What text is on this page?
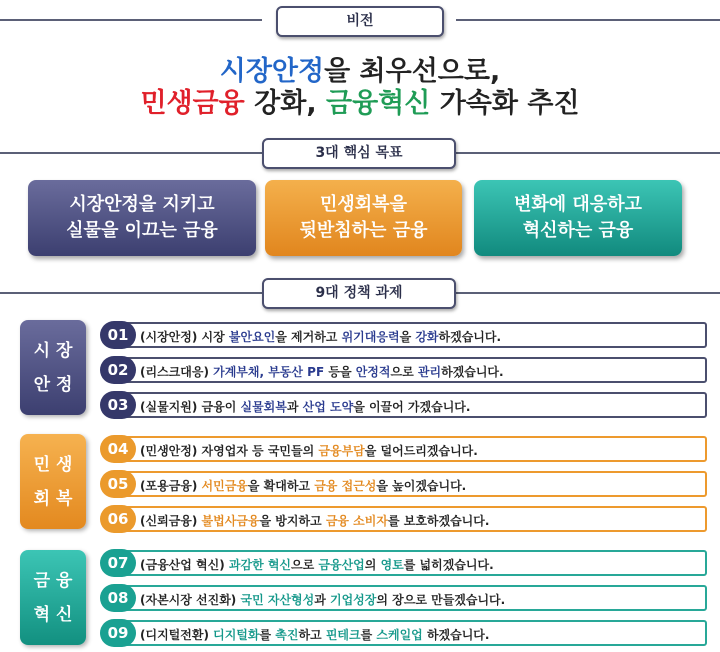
비전
시장안정을 최우선으로,
민생금융 강화, 금융혁신 가속화 추진
3대 핵심 목표
시장안정을 지키고
실물을 이끄는 금융
민생회복을
뒷받침하는 금융
변화에 대응하고
혁신하는 금융
9대 정책 과제
시 장
안 정
민 생
회 복
금 융
혁 신
(시장안정) 시장 불안요인을 제거하고 위기대응력을 강화하겠습니다.
01
(리스크대응) 가계부채, 부동산 PF 등을 안정적으로 관리하겠습니다.
02
(실물지원) 금융이 실물회복과 산업 도약을 이끌어 가겠습니다.
03
(민생안정) 자영업자 등 국민들의 금융부담을 덜어드리겠습니다.
04
(포용금융) 서민금융을 확대하고 금융 접근성을 높이겠습니다.
05
(신뢰금융) 불법사금융을 방지하고 금융 소비자를 보호하겠습니다.
06
(금융산업 혁신) 과감한 혁신으로 금융산업의 영토를 넓히겠습니다.
07
(자본시장 선진화) 국민 자산형성과 기업성장의 장으로 만들겠습니다.
08
(디지털전환) 디지털화를 촉진하고 핀테크를 스케일업 하겠습니다.
09
